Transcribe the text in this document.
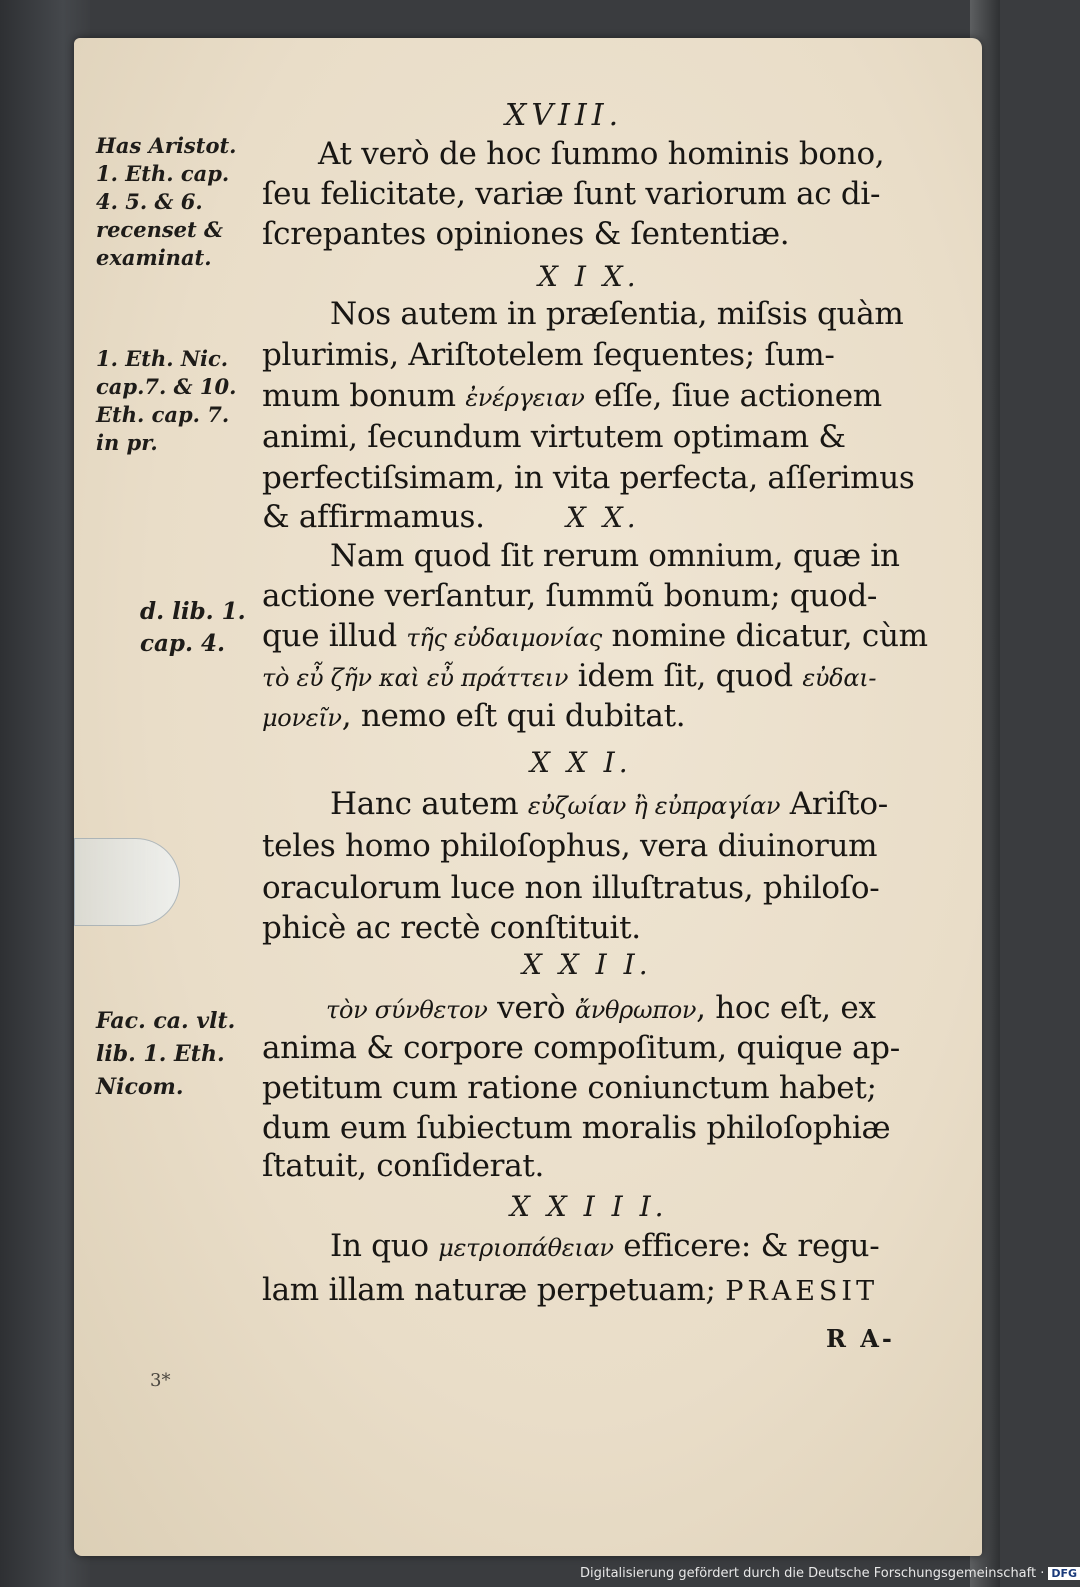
XVIII.
Has Aristot.
1. Eth. cap.
4. 5. & 6.
recenset &
examinat.
1. Eth. Nic.
cap.7. & 10.
Eth. cap. 7.
in pr.
d. lib. 1.
cap. 4.
Fac. ca. vlt.
lib. 1. Eth.
Nicom.
At verò de hoc ſummo hominis bono,
ſeu felicitate, variæ ſunt variorum ac di-
ſcrepantes opiniones & ſententiæ.
X I X.
Nos autem in præſentia, miſsis quàm
plurimis, Ariſtotelem ſequentes; ſum-
mum bonum ἐνέργειαν eſſe, ſiue actionem
animi, ſecundum virtutem optimam &
perfectiſsimam, in vita perfecta, aſſerimus
& affirmamus.	X X.
Nam quod ſit rerum omnium, quæ in
actione verſantur, ſummũ bonum; quod-
que illud τῆς εὐδαιμονίας nomine dicatur, cùm
τὸ εὖ ζῆν καὶ εὖ πράττειν idem ſit, quod εὐδαι-
μονεῖν, nemo eſt qui dubitat.
X X I.
Hanc autem εὐζωίαν ἢ εὐπραγίαν Ariſto-
teles homo philoſophus, vera diuinorum
oraculorum luce non illuſtratus, philoſo-
phicè ac rectè conſtituit.
X X I I.
τὸν σύνθετον verò ἄνθρωπον, hoc eſt, ex
anima & corpore compoſitum, quique ap-
petitum cum ratione coniunctum habet;
dum eum ſubiectum moralis philoſophiæ
ſtatuit, conſiderat.
X X I I I.
In quo μετριοπάθειαν efficere: & regu-
lam illam naturæ perpetuam; PRAESIT
R A-
3*
Digitalisierung gefördert durch die Deutsche Forschungsgemeinschaft · DFG
